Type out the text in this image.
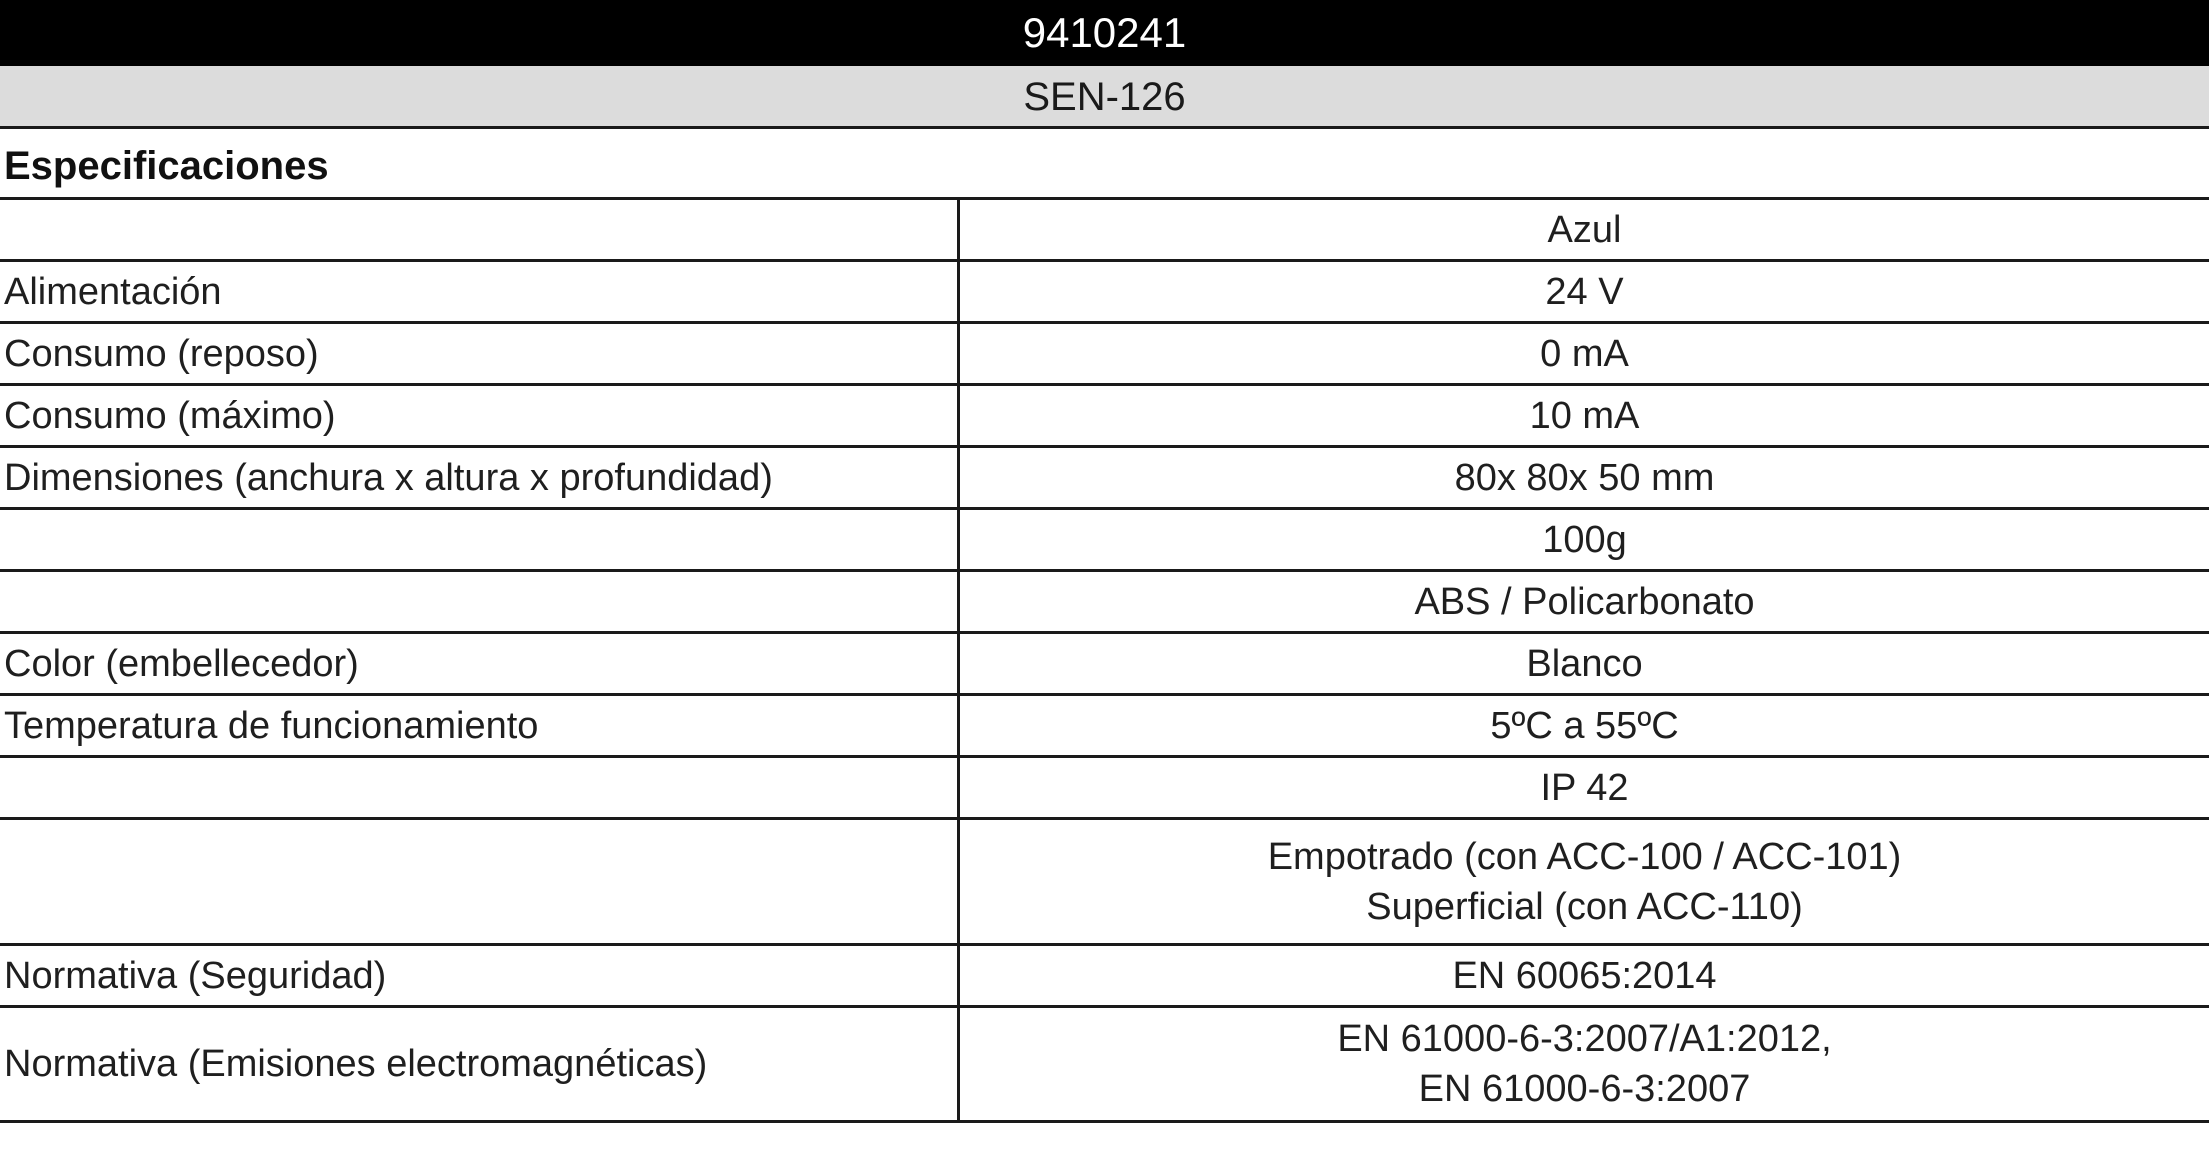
9410241
SEN-126
Especificaciones

	Azul

Alimentación	24 V

Consumo (reposo)	0 mA

Consumo (máximo)	10 mA

Dimensiones (anchura x altura x profundidad)	80x 80x 50 mm

	100g

	ABS / Policarbonato

Color (embellecedor)	Blanco

Temperatura de funcionamiento	5ºC a 55ºC

	IP 42

	Empotrado (con ACC-100 / ACC-101)
Superficial (con ACC-110)

Normativa (Seguridad)	EN 60065:2014

Normativa (Emisiones electromagnéticas)	EN 61000-6-3:2007/A1:2012,
EN 61000-6-3:2007
